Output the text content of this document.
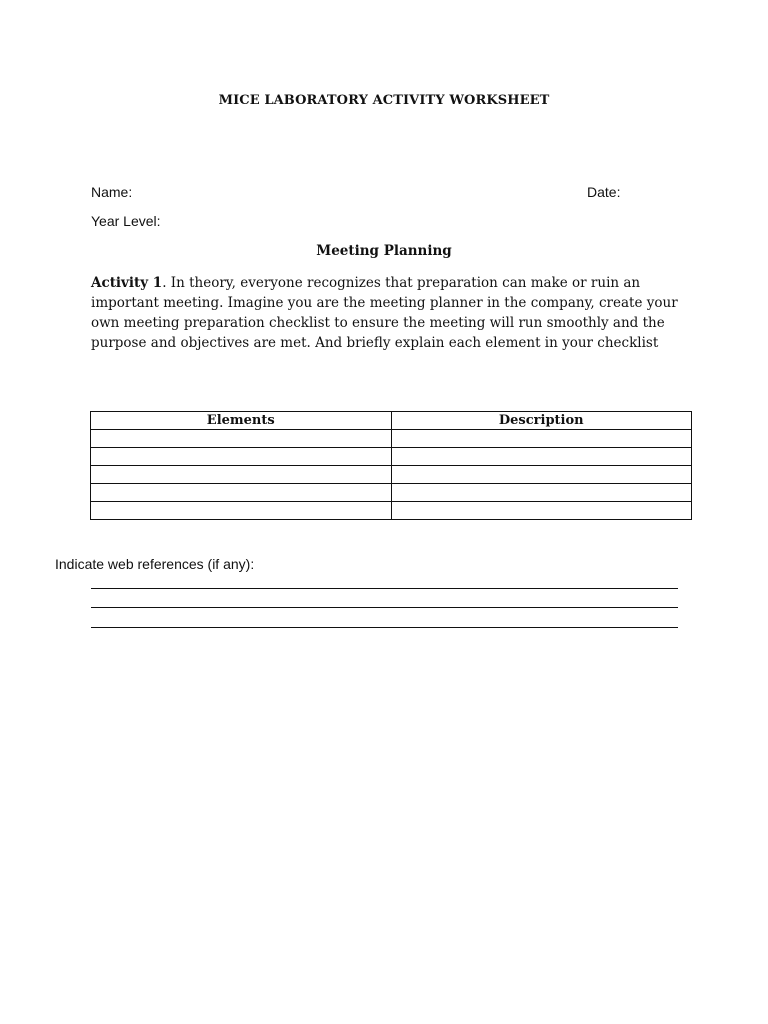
MICE LABORATORY ACTIVITY WORKSHEET
Name:	Date:
Year Level:
Meeting Planning
Activity 1. In theory, everyone recognizes that preparation can make or ruin an important meeting. Imagine you are the meeting planner in the company, create your own meeting preparation checklist to ensure the meeting will run smoothly and the purpose and objectives are met. And briefly explain each element in your checklist
Elements	Description

Indicate web references (if any):
